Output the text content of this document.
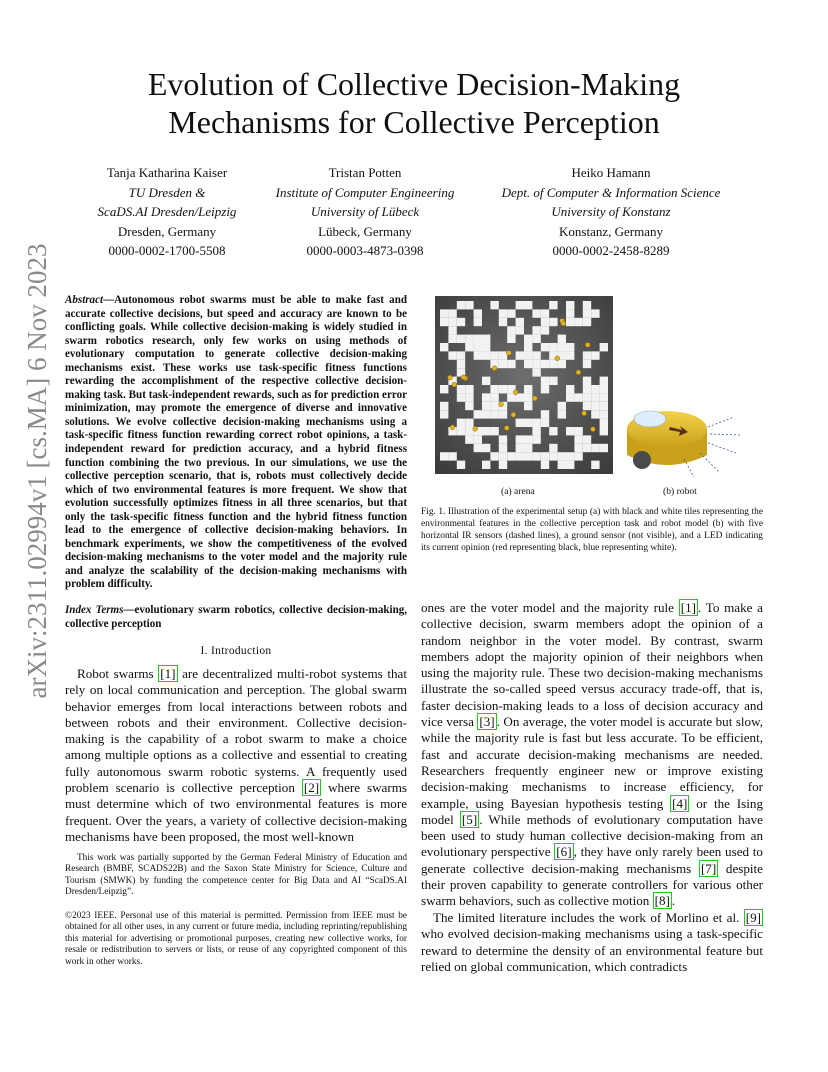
arXiv:2311.02994v1 [cs.MA] 6 Nov 2023
Evolution of Collective Decision-Making
Mechanisms for Collective Perception
Tanja Katharina Kaiser
TU Dresden &
ScaDS.AI Dresden/Leipzig
Dresden, Germany
0000-0002-1700-5508
Tristan Potten
Institute of Computer Engineering
University of Lübeck
Lübeck, Germany
0000-0003-4873-0398
Heiko Hamann
Dept. of Computer & Information Science
University of Konstanz
Konstanz, Germany
0000-0002-2458-8289
Abstract—Autonomous robot swarms must be able to make fast and accurate collective decisions, but speed and accuracy are known to be conflicting goals. While collective decision-making is widely studied in swarm robotics research, only few works on using methods of evolutionary computation to generate collective decision-making mechanisms exist. These works use task-specific fitness functions rewarding the accomplishment of the respective collective decision-making task. But task-independent rewards, such as for prediction error minimization, may promote the emergence of diverse and innovative solutions. We evolve collective decision-making mechanisms using a task-specific fitness function rewarding correct robot opinions, a task-independent reward for prediction accuracy, and a hybrid fitness function combining the two previous. In our simulations, we use the collective perception scenario, that is, robots must collectively decide which of two environmental features is more frequent. We show that evolution successfully optimizes fitness in all three scenarios, but that only the task-specific fitness function and the hybrid fitness function lead to the emergence of collective decision-making behaviors. In benchmark experiments, we show the competitiveness of the evolved decision-making mechanisms to the voter model and the majority rule and analyze the scalability of the decision-making mechanisms with problem difficulty.
Index Terms—evolutionary swarm robotics, collective decision-making, collective perception
I. Introduction
Robot swarms [1] are decentralized multi-robot systems that rely on local communication and perception. The global swarm behavior emerges from local interactions between robots and between robots and their environment. Collective decision-making is the capability of a robot swarm to make a choice among multiple options as a collective and essential to creating fully autonomous swarm robotic systems. A frequently used problem scenario is collective perception [2] where swarms must determine which of two environmental features is more frequent. Over the years, a variety of collective decision-making mechanisms have been proposed, the most well-known
This work was partially supported by the German Federal Ministry of Education and Research (BMBF, SCADS22B) and the Saxon State Ministry for Science, Culture and Tourism (SMWK) by funding the competence center for Big Data and AI “ScaDS.AI Dresden/Leipzig”.
©2023 IEEE. Personal use of this material is permitted. Permission from IEEE must be obtained for all other uses, in any current or future media, including reprinting/republishing this material for advertising or promotional purposes, creating new collective works, for resale or redistribution to servers or lists, or reuse of any copyrighted component of this work in other works.
(a) arena	(b) robot
Fig. 1. Illustration of the experimental setup (a) with black and white tiles representing the environmental features in the collective perception task and robot model (b) with five horizontal IR sensors (dashed lines), a ground sensor (not visible), and a LED indicating its current opinion (red representing black, blue representing white).
ones are the voter model and the majority rule [1] . To make a collective decision, swarm members adopt the opinion of a random neighbor in the voter model. By contrast, swarm members adopt the majority opinion of their neighbors when using the majority rule. These two decision-making mechanisms illustrate the so-called speed versus accuracy trade-off, that is, faster decision-making leads to a loss of decision accuracy and vice versa [3] . On average, the voter model is accurate but slow, while the majority rule is fast but less accurate. To be efficient, fast and accurate decision-making mechanisms are needed. Researchers frequently engineer new or improve existing decision-making mechanisms to increase efficiency, for example, using Bayesian hypothesis testing [4] or the Ising model [5] . While methods of evolutionary computation have been used to study human collective decision-making from an evolutionary perspective [6] , they have only rarely been used to generate collective decision-making mechanisms [7] despite their proven capability to generate controllers for various other swarm behaviors, such as collective motion [8] .
The limited literature includes the work of Morlino et al. [9] who evolved decision-making mechanisms using a task-specific reward to determine the density of an environmental feature but relied on global communication, which contradicts
